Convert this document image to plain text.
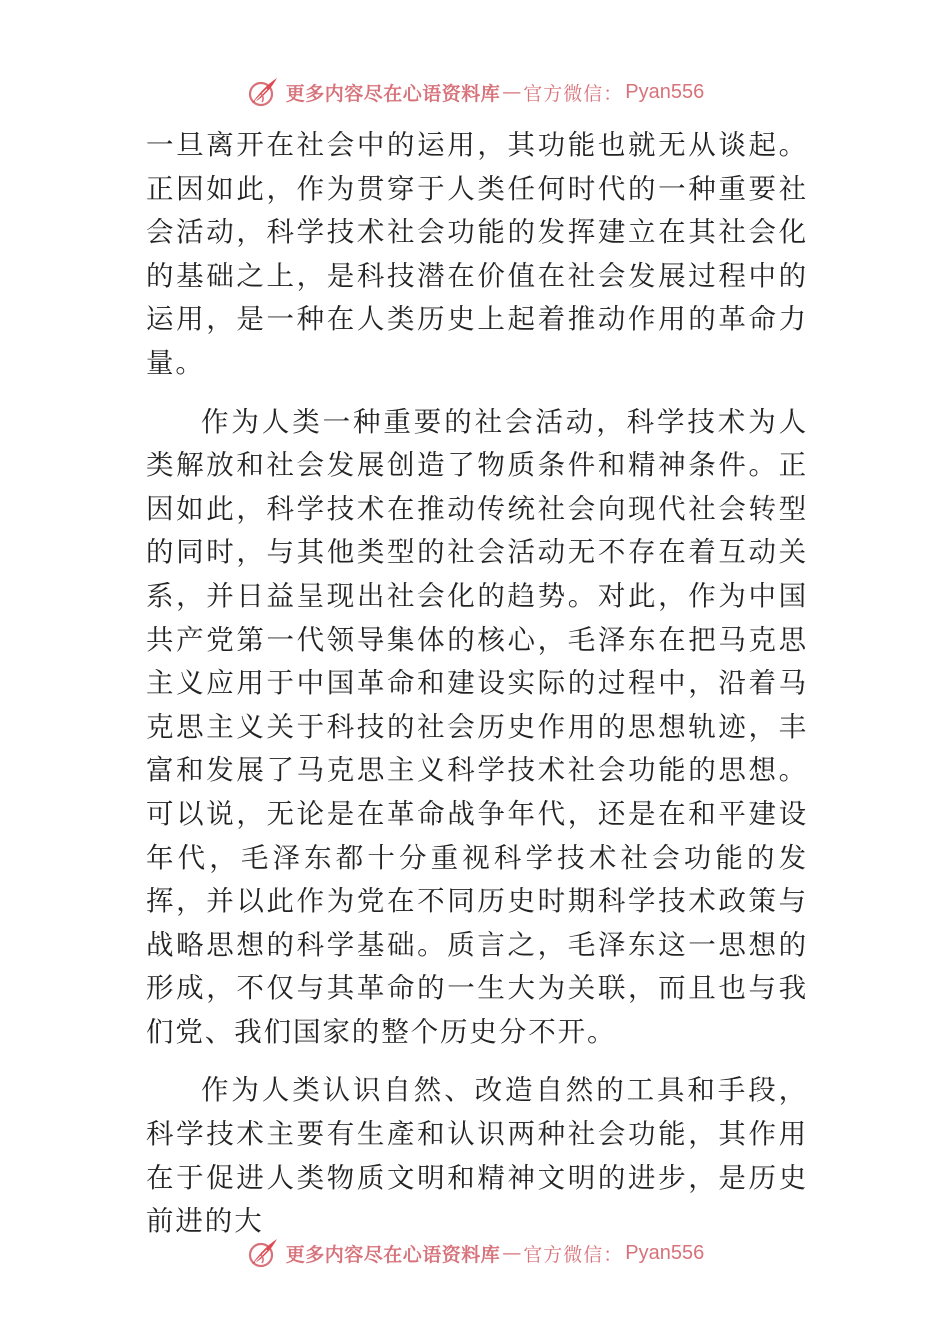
更多内容尽在心语资料库 — 官方微信： Pyan556

一旦离开在社会中的运用，其功能也就无从谈起。正因如此，作为贯穿于人类任何时代的一种重要社会活动，科学技术社会功能的发挥建立在其社会化的基础之上，是科技潜在价值在社会发展过程中的运用，是一种在人类历史上起着推动作用的革命力量。

作为人类一种重要的社会活动，科学技术为人类解放和社会发展创造了物质条件和精神条件。正因如此，科学技术在推动传统社会向现代社会转型的同时，与其他类型的社会活动无不存在着互动关系，并日益呈现出社会化的趋势。对此，作为中国共产党第一代领导集体的核心，毛泽东在把马克思主义应用于中国革命和建设实际的过程中，沿着马克思主义关于科技的社会历史作用的思想轨迹，丰富和发展了马克思主义科学技术社会功能的思想。可以说，无论是在革命战争年代，还是在和平建设年代，毛泽东都十分重视科学技术社会功能的发挥，并以此作为党在不同历史时期科学技术政策与战略思想的科学基础。质言之，毛泽东这一思想的形成，不仅与其革命的一生大为关联，而且也与我们党、我们国家的整个历史分不开。

作为人类认识自然、改造自然的工具和手段，科学技术主要有生產和认识两种社会功能，其作用在于促进人类物质文明和精神文明的进步，是历史前进的大

更多内容尽在心语资料库 — 官方微信： Pyan556
